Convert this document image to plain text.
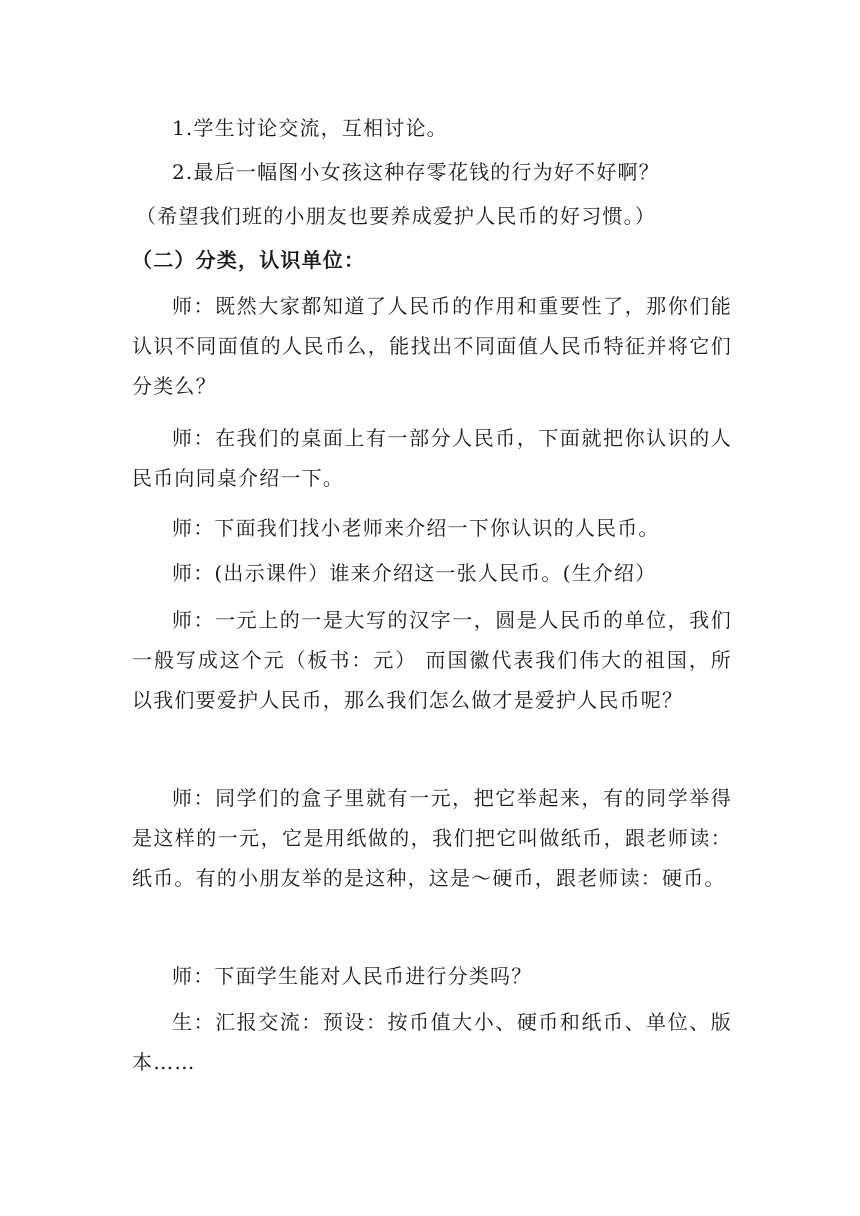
1.学生讨论交流，互相讨论。

2.最后一幅图小女孩这种存零花钱的行为好不好啊？

（希望我们班的小朋友也要养成爱护人民币的好习惯。）

（二）分类，认识单位：

师：既然大家都知道了人民币的作用和重要性了，那你们能认识不同面值的人民币么，能找出不同面值人民币特征并将它们分类么？

师：在我们的桌面上有一部分人民币，下面就把你认识的人民币向同桌介绍一下。

师：下面我们找小老师来介绍一下你认识的人民币。

师：(出示课件）谁来介绍这一张人民币。(生介绍）

师：一元上的一是大写的汉字一，圆是人民币的单位，我们一般写成这个元（板书：元） 而国徽代表我们伟大的祖国，所以我们要爱护人民币，那么我们怎么做才是爱护人民币呢？

师：同学们的盒子里就有一元，把它举起来，有的同学举得是这样的一元，它是用纸做的，我们把它叫做纸币，跟老师读：纸币。有的小朋友举的是这种，这是～硬币，跟老师读：硬币。

师：下面学生能对人民币进行分类吗？

生：汇报交流：预设：按币值大小、硬币和纸币、单位、版本……
